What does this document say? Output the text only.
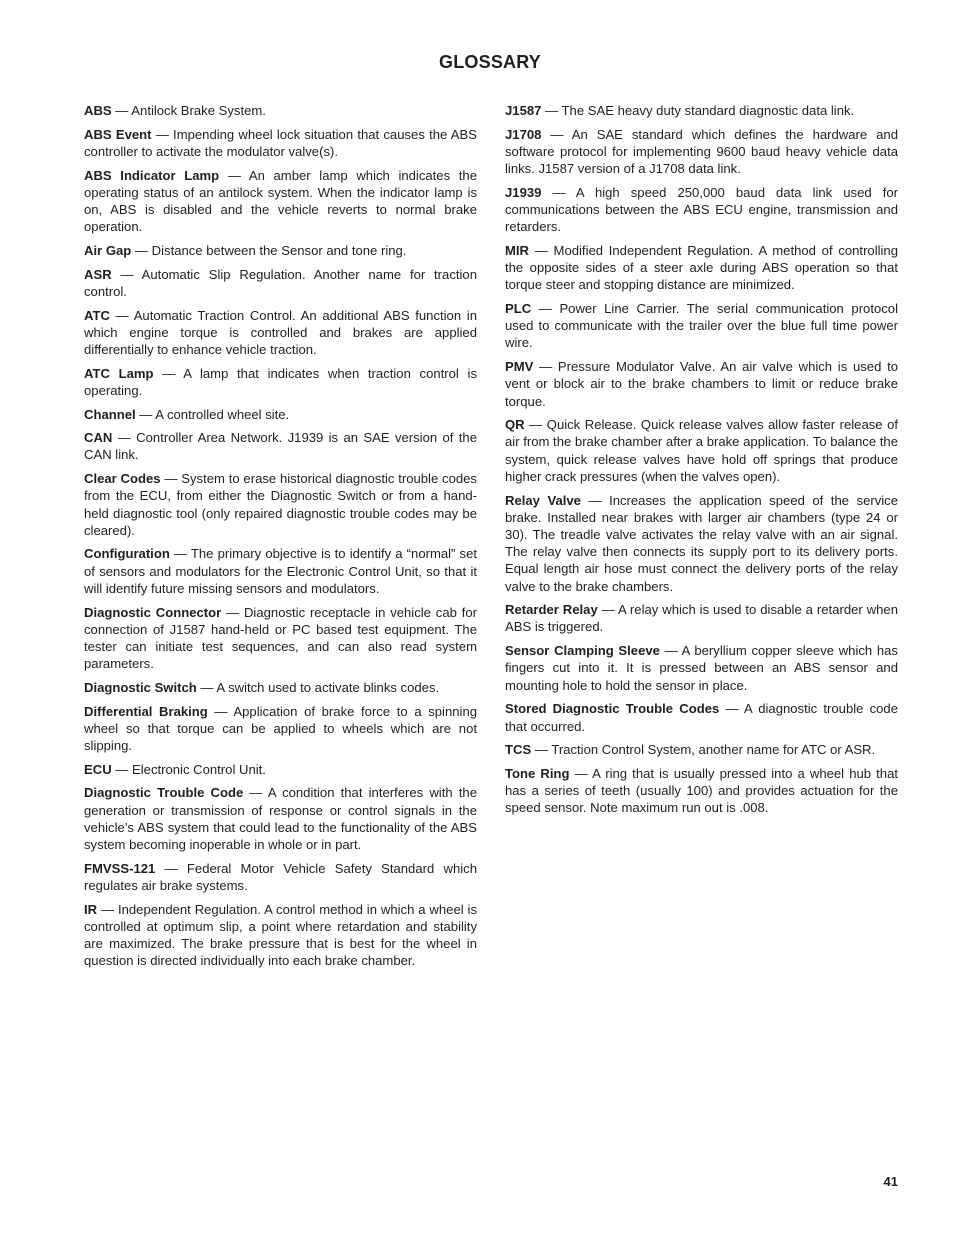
GLOSSARY

ABS — Antilock Brake System.

ABS Event — Impending wheel lock situation that causes the ABS controller to activate the modulator valve(s).

ABS Indicator Lamp — An amber lamp which indicates the operating status of an antilock system. When the indicator lamp is on, ABS is disabled and the vehicle reverts to normal brake operation.

Air Gap — Distance between the Sensor and tone ring.

ASR — Automatic Slip Regulation. Another name for traction control.

ATC — Automatic Traction Control. An additional ABS function in which engine torque is controlled and brakes are applied differentially to enhance vehicle traction.

ATC Lamp — A lamp that indicates when traction control is operating.

Channel — A controlled wheel site.

CAN — Controller Area Network. J1939 is an SAE version of the CAN link.

Clear Codes — System to erase historical diagnostic trouble codes from the ECU, from either the Diagnostic Switch or from a hand-held diagnostic tool (only repaired diagnostic trouble codes may be cleared).

Configuration — The primary objective is to identify a “normal” set of sensors and modulators for the Electronic Control Unit, so that it will identify future missing sensors and modulators.

Diagnostic Connector — Diagnostic receptacle in vehicle cab for connection of J1587 hand-held or PC based test equipment. The tester can initiate test sequences, and can also read system parameters.

Diagnostic Switch — A switch used to activate blinks codes.

Differential Braking — Application of brake force to a spinning wheel so that torque can be applied to wheels which are not slipping.

ECU — Electronic Control Unit.

Diagnostic Trouble Code — A condition that interferes with the generation or transmission of response or control signals in the vehicle’s ABS system that could lead to the functionality of the ABS system becoming inoperable in whole or in part.

FMVSS-121 — Federal Motor Vehicle Safety Standard which regulates air brake systems.

IR — Independent Regulation. A control method in which a wheel is controlled at optimum slip, a point where retardation and stability are maximized. The brake pressure that is best for the wheel in question is directed individually into each brake chamber.

J1587 — The SAE heavy duty standard diagnostic data link.

J1708 — An SAE standard which defines the hardware and software protocol for implementing 9600 baud heavy vehicle data links. J1587 version of a J1708 data link.

J1939 — A high speed 250,000 baud data link used for communications between the ABS ECU engine, transmission and retarders.

MIR — Modified Independent Regulation. A method of controlling the opposite sides of a steer axle during ABS operation so that torque steer and stopping distance are minimized.

PLC — Power Line Carrier. The serial communication protocol used to communicate with the trailer over the blue full time power wire.

PMV — Pressure Modulator Valve. An air valve which is used to vent or block air to the brake chambers to limit or reduce brake torque.

QR — Quick Release. Quick release valves allow faster release of air from the brake chamber after a brake application. To balance the system, quick release valves have hold off springs that produce higher crack pressures (when the valves open).

Relay Valve — Increases the application speed of the service brake. Installed near brakes with larger air chambers (type 24 or 30). The treadle valve activates the relay valve with an air signal. The relay valve then connects its supply port to its delivery ports. Equal length air hose must connect the delivery ports of the relay valve to the brake chambers.

Retarder Relay — A relay which is used to disable a retarder when ABS is triggered.

Sensor Clamping Sleeve — A beryllium copper sleeve which has fingers cut into it. It is pressed between an ABS sensor and mounting hole to hold the sensor in place.

Stored Diagnostic Trouble Codes — A diagnostic trouble code that occurred.

TCS — Traction Control System, another name for ATC or ASR.

Tone Ring — A ring that is usually pressed into a wheel hub that has a series of teeth (usually 100) and provides actuation for the speed sensor. Note maximum run out is .008.

41
